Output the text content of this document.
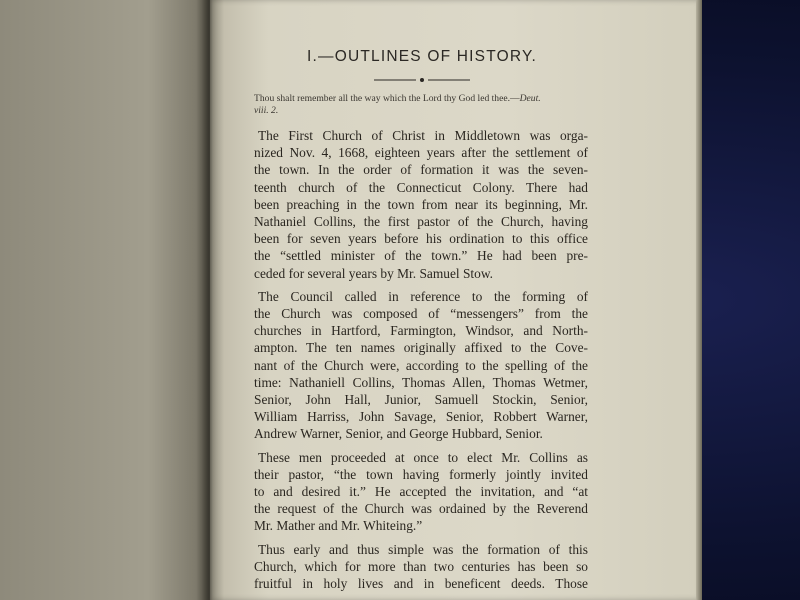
I.—OUTLINES OF HISTORY.
Thou shalt remember all the way which the Lord thy God led thee.—Deut.
viii. 2.

The First Church of Christ in Middletown was orga-
nized Nov. 4, 1668, eighteen years after the settlement of
the town. In the order of formation it was the seven-
teenth church of the Connecticut Colony. There had
been preaching in the town from near its beginning, Mr.
Nathaniel Collins, the first pastor of the Church, having
been for seven years before his ordination to this office
the “settled minister of the town.” He had been pre-
ceded for several years by Mr. Samuel Stow.

The Council called in reference to the forming of
the Church was composed of “messengers” from the
churches in Hartford, Farmington, Windsor, and North-
ampton. The ten names originally affixed to the Cove-
nant of the Church were, according to the spelling of the
time: Nathaniell Collins, Thomas Allen, Thomas Wetmer,
Senior, John Hall, Junior, Samuell Stockin, Senior,
William Harriss, John Savage, Senior, Robbert Warner,
Andrew Warner, Senior, and George Hubbard, Senior.

These men proceeded at once to elect Mr. Collins as
their pastor, “the town having formerly jointly invited
to and desired it.” He accepted the invitation, and “at
the request of the Church was ordained by the Reverend
Mr. Mather and Mr. Whiteing.”

Thus early and thus simple was the formation of this
Church, which for more than two centuries has been so
fruitful in holy lives and in beneficent deeds. Those
